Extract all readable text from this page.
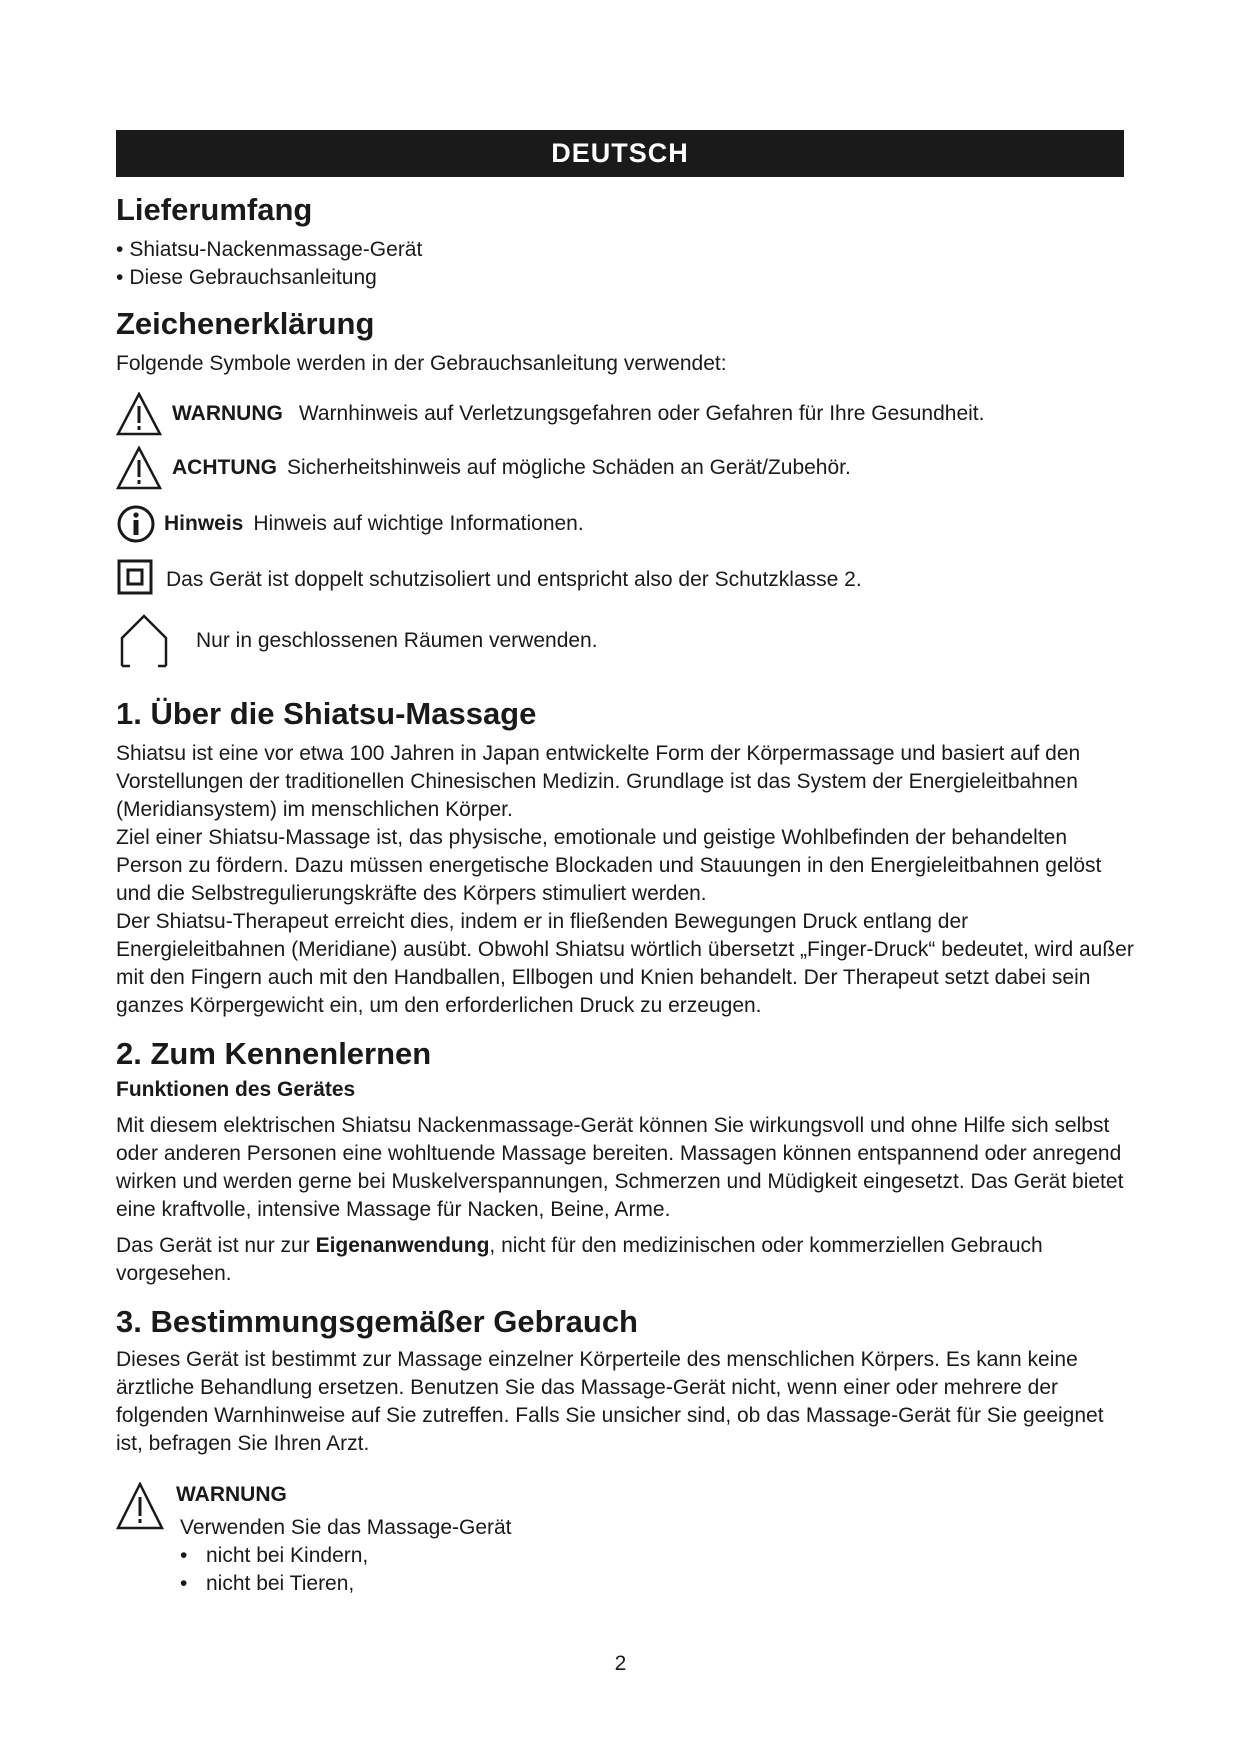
DEUTSCH
Lieferumfang
• Shiatsu-Nackenmassage-Gerät
• Diese Gebrauchsanleitung
Zeichenerklärung

Folgende Symbole werden in der Gebrauchsanleitung verwendet:

WARNUNG Warnhinweis auf Verletzungsgefahren oder Gefahren für Ihre Gesundheit.
ACHTUNG Sicherheitshinweis auf mögliche Schäden an Gerät/Zubehör.
Hinweis Hinweis auf wichtige Informationen.
Das Gerät ist doppelt schutzisoliert und entspricht also der Schutzklasse 2.
Nur in geschlossenen Räumen verwenden.
1. Über die Shiatsu-Massage

Shiatsu ist eine vor etwa 100 Jahren in Japan entwickelte Form der Körpermassage und basiert auf den Vorstellungen der traditionellen Chinesischen Medizin. Grundlage ist das System der Energieleitbahnen (Meridiansystem) im menschlichen Körper.

Ziel einer Shiatsu-Massage ist, das physische, emotionale und geistige Wohlbefinden der behandelten Person zu fördern. Dazu müssen energetische Blockaden und Stauungen in den Energieleitbahnen gelöst und die Selbstregulierungskräfte des Körpers stimuliert werden.

Der Shiatsu-Therapeut erreicht dies, indem er in fließenden Bewegungen Druck entlang der Energieleitbahnen (Meridiane) ausübt. Obwohl Shiatsu wörtlich übersetzt „Finger-Druck“ bedeutet, wird außer mit den Fingern auch mit den Handballen, Ellbogen und Knien behandelt. Der Therapeut setzt dabei sein ganzes Körpergewicht ein, um den erforderlichen Druck zu erzeugen.

2. Zum Kennenlernen
Funktionen des Gerätes

Mit diesem elektrischen Shiatsu Nackenmassage-Gerät können Sie wirkungsvoll und ohne Hilfe sich selbst oder anderen Personen eine wohltuende Massage bereiten. Massagen können entspannend oder anregend wirken und werden gerne bei Muskelverspannungen, Schmerzen und Müdigkeit eingesetzt. Das Gerät bietet eine kraftvolle, intensive Massage für Nacken, Beine, Arme.

Das Gerät ist nur zur Eigenanwendung, nicht für den medizinischen oder kommerziellen Gebrauch vorgesehen.

3. Bestimmungsgemäßer Gebrauch

Dieses Gerät ist bestimmt zur Massage einzelner Körperteile des menschlichen Körpers. Es kann keine ärztliche Behandlung ersetzen. Benutzen Sie das Massage-Gerät nicht, wenn einer oder mehrere der folgenden Warnhinweise auf Sie zutreffen. Falls Sie unsicher sind, ob das Massage-Gerät für Sie geeignet ist, befragen Sie Ihren Arzt.

WARNUNG
Verwenden Sie das Massage-Gerät
• nicht bei Kindern,
• nicht bei Tieren,
2
